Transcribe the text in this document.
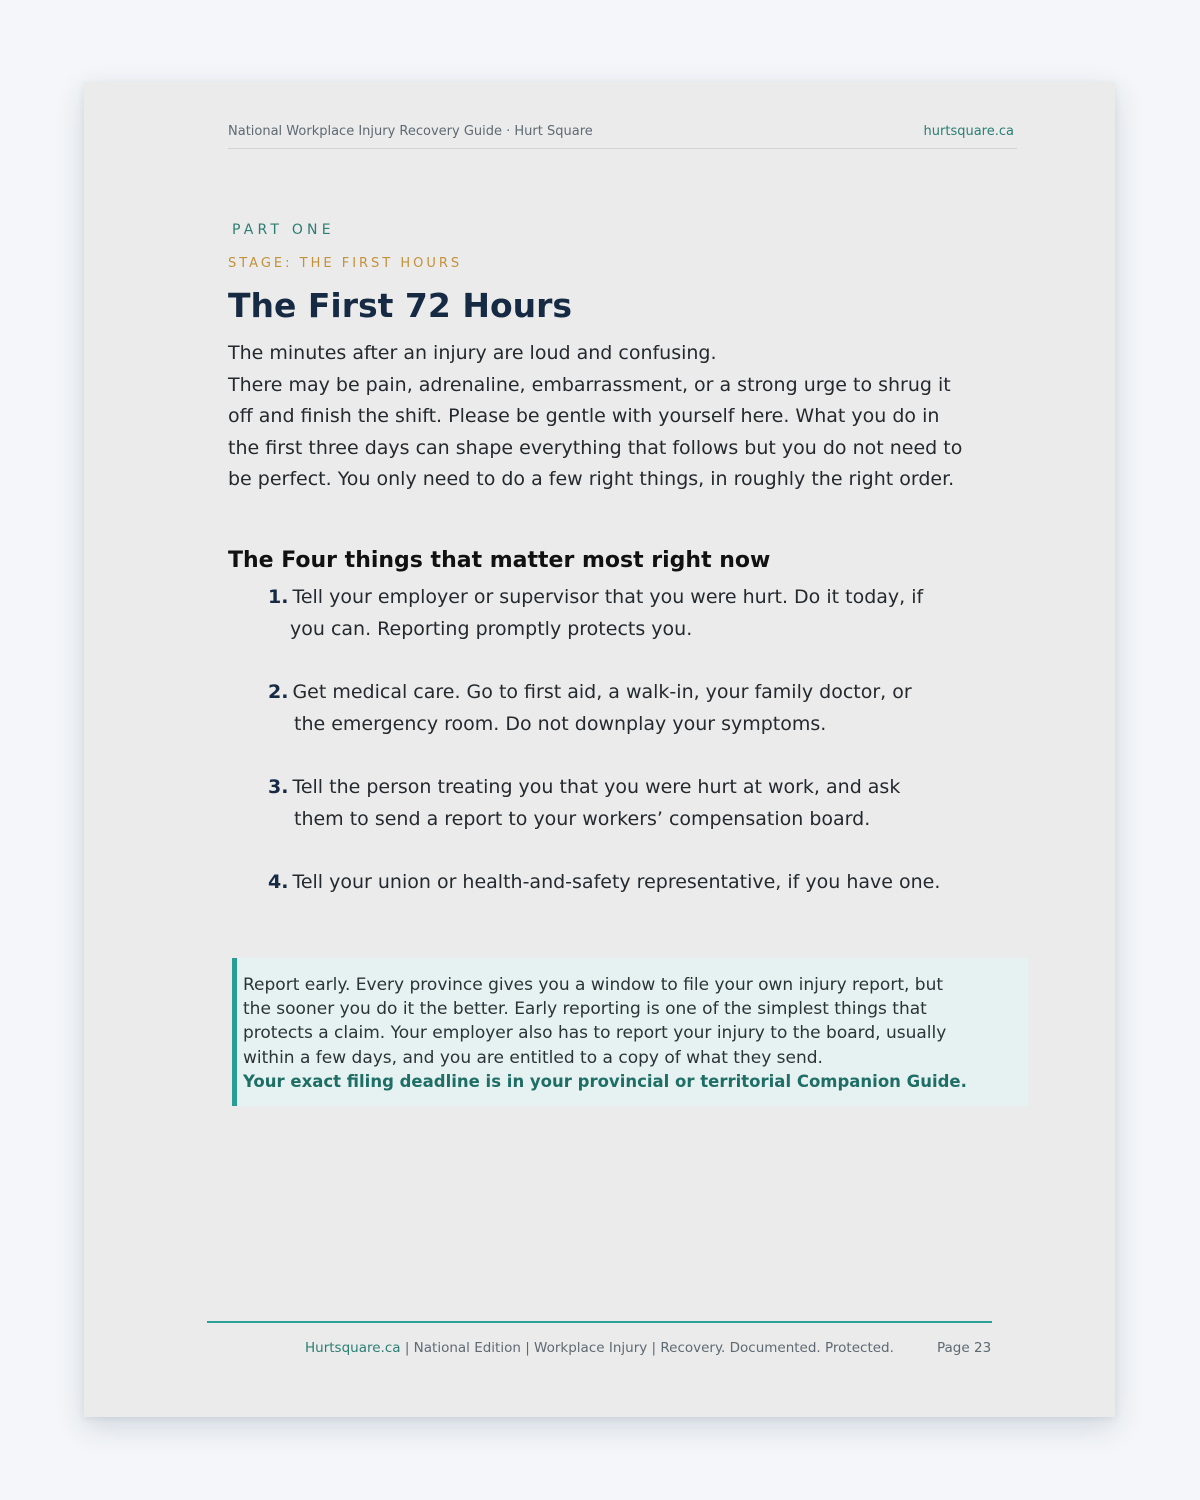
National Workplace Injury Recovery Guide · Hurt Square	hurtsquare.ca
PART ONE
STAGE: THE FIRST HOURS
The First 72 Hours
The minutes after an injury are loud and confusing.
There may be pain, adrenaline, embarrassment, or a strong urge to shrug it
off and finish the shift. Please be gentle with yourself here. What you do in
the first three days can shape everything that follows but you do not need to
be perfect. You only need to do a few right things, in roughly the right order.
The Four things that matter most right now
1. Tell your employer or supervisor that you were hurt. Do it today, if
you can. Reporting promptly protects you.
2. Get medical care. Go to first aid, a walk-in, your family doctor, or
the emergency room. Do not downplay your symptoms.
3. Tell the person treating you that you were hurt at work, and ask
them to send a report to your workers’ compensation board.
4. Tell your union or health-and-safety representative, if you have one.
Report early. Every province gives you a window to file your own injury report, but
the sooner you do it the better. Early reporting is one of the simplest things that
protects a claim. Your employer also has to report your injury to the board, usually
within a few days, and you are entitled to a copy of what they send.
Your exact filing deadline is in your provincial or territorial Companion Guide.
Hurtsquare.ca | National Edition | Workplace Injury | Recovery. Documented. Protected.	Page 23
